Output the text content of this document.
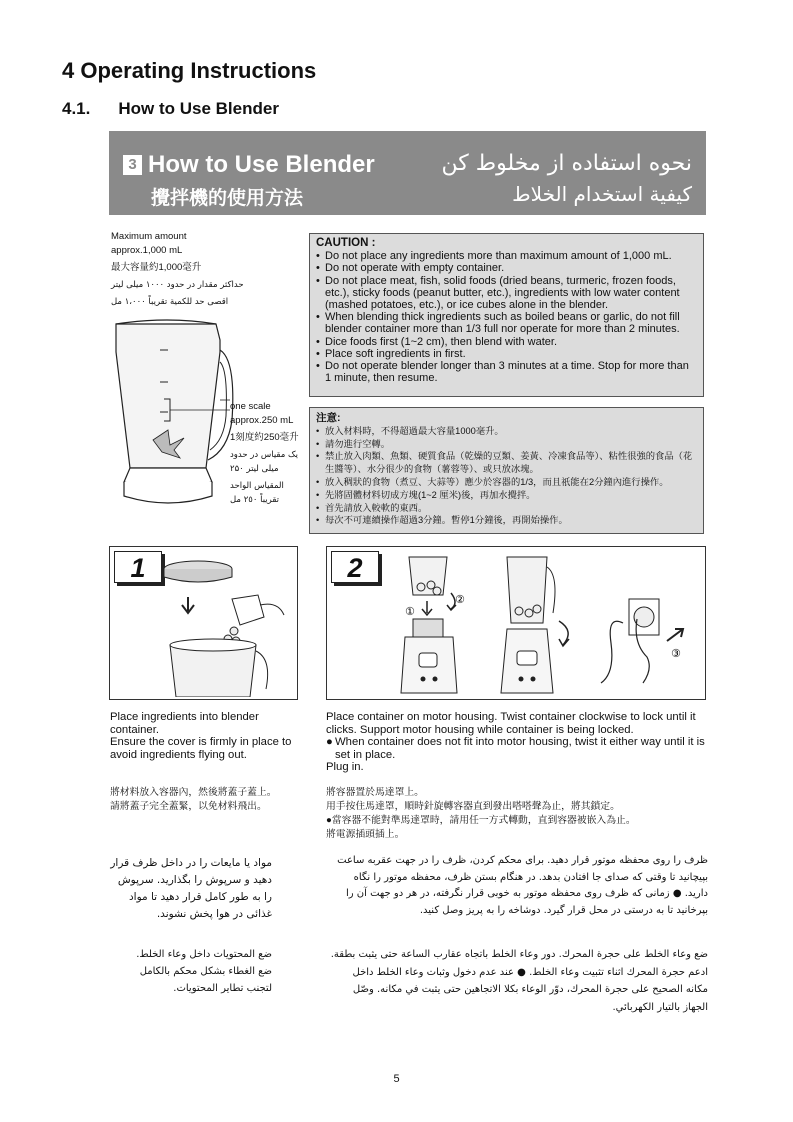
4 Operating Instructions
4.1. How to Use Blender
3 How to Use Blender
攪拌機的使用方法
نحوه استفاده از مخلوط کن
كيفية استخدام الخلاط
Maximum amount
approx.1,000 mL
最大容量約1,000毫升
حداکثر مقدار در حدود ۱۰۰۰ میلی لیتر
اقصى حد للكمية تقريباً ١،٠٠٠ مل
one scale
approx.250 mL
1刻度約250毫升
یک مقیاس در حدود
۲۵۰ میلی لیتر
المقياس الواحد
تقريباً ٢٥٠ مل
CAUTION :
• Do not place any ingredients more than maximum amount of 1,000 mL.
• Do not operate with empty container.
• Do not place meat, fish, solid foods (dried beans, turmeric, frozen foods, etc.), sticky foods (peanut butter, etc.), ingredients with low water content (mashed potatoes, etc.), or ice cubes alone in the blender.
• When blending thick ingredients such as boiled beans or garlic, do not fill blender container more than 1/3 full nor operate for more than 2 minutes.
• Dice foods first (1~2 cm), then blend with water.
• Place soft ingredients in first.
• Do not operate blender longer than 3 minutes at a time. Stop for more than 1 minute, then resume.
注意:
• 放入材料時，不得超過最大容量1000毫升。
• 請勿進行空轉。
• 禁止放入肉類、魚類、硬質食品（乾燥的豆類、姜黃、冷凍食品等）、粘性很強的食品（花生醬等）、水分很少的食物（薯蓉等）、或只放冰塊。
• 放入稠狀的食物（煮豆、大蒜等）應少於容器的1/3，而且祇能在2分鐘內進行操作。
• 先將固體材料切成方塊(1~2 厘米)後，再加水攪拌。
• 首先請放入較軟的東西。
• 每次不可連續操作超過3分鐘。暫停1分鐘後，再開始操作。
1	2
②
①
③
Place ingredients into blender container.
Ensure the cover is firmly in place to avoid ingredients flying out.
將材料放入容器內，然後將蓋子蓋上。
請將蓋子完全蓋緊，以免材料飛出。
مواد یا مایعات را در داخل ظرف قرار دهید و سرپوش را بگذارید. سرپوش را به طور کامل قرار دهید تا مواد غذائی در هوا پخش نشوند.
ضع المحتويات داخل وعاء الخلط.
ضع الغطاء بشكل محكم بالكامل
لتجنب تطاير المحتويات.
Place container on motor housing. Twist container clockwise to lock until it clicks. Support motor housing while container is being locked.
● When container does not fit into motor housing, twist it either way until it is set in place.
Plug in.
將容器置於馬達罩上。
用手按住馬達罩，順時針旋轉容器直到發出嗒嗒聲為止，將其鎖定。
● 當容器不能對準馬達罩時，請用任一方式轉動，直到容器被嵌入為止。
將電源插頭插上。
ظرف را روی محفظه موتور قرار دهید. برای محکم کردن، ظرف را در جهت عقربه ساعت بپیچانید تا وقتی که صدای جا افتادن بدهد. در هنگام بستن ظرف، محفظه موتور را نگاه دارید. ● زمانی که ظرف روی محفظه موتور به خوبی قرار نگرفته، در هر دو جهت آن را بپرخانید تا به درستی در محل قرار گیرد. دوشاخه را به پریز وصل کنید.
ضع وعاء الخلط على حجرة المحرك. دور وعاء الخلط باتجاه عقارب الساعة حتى يثبت بطقة. ادعم حجرة المحرك اثناء تثبيت وعاء الخلط. ● عند عدم دخول وثبات وعاء الخلط داخل مكانه الصحيح على حجرة المحرك، دوّر الوعاء بكلا الاتجاهين حتى يثبت في مكانه. وصّل الجهاز بالتيار الكهربائي.
5
